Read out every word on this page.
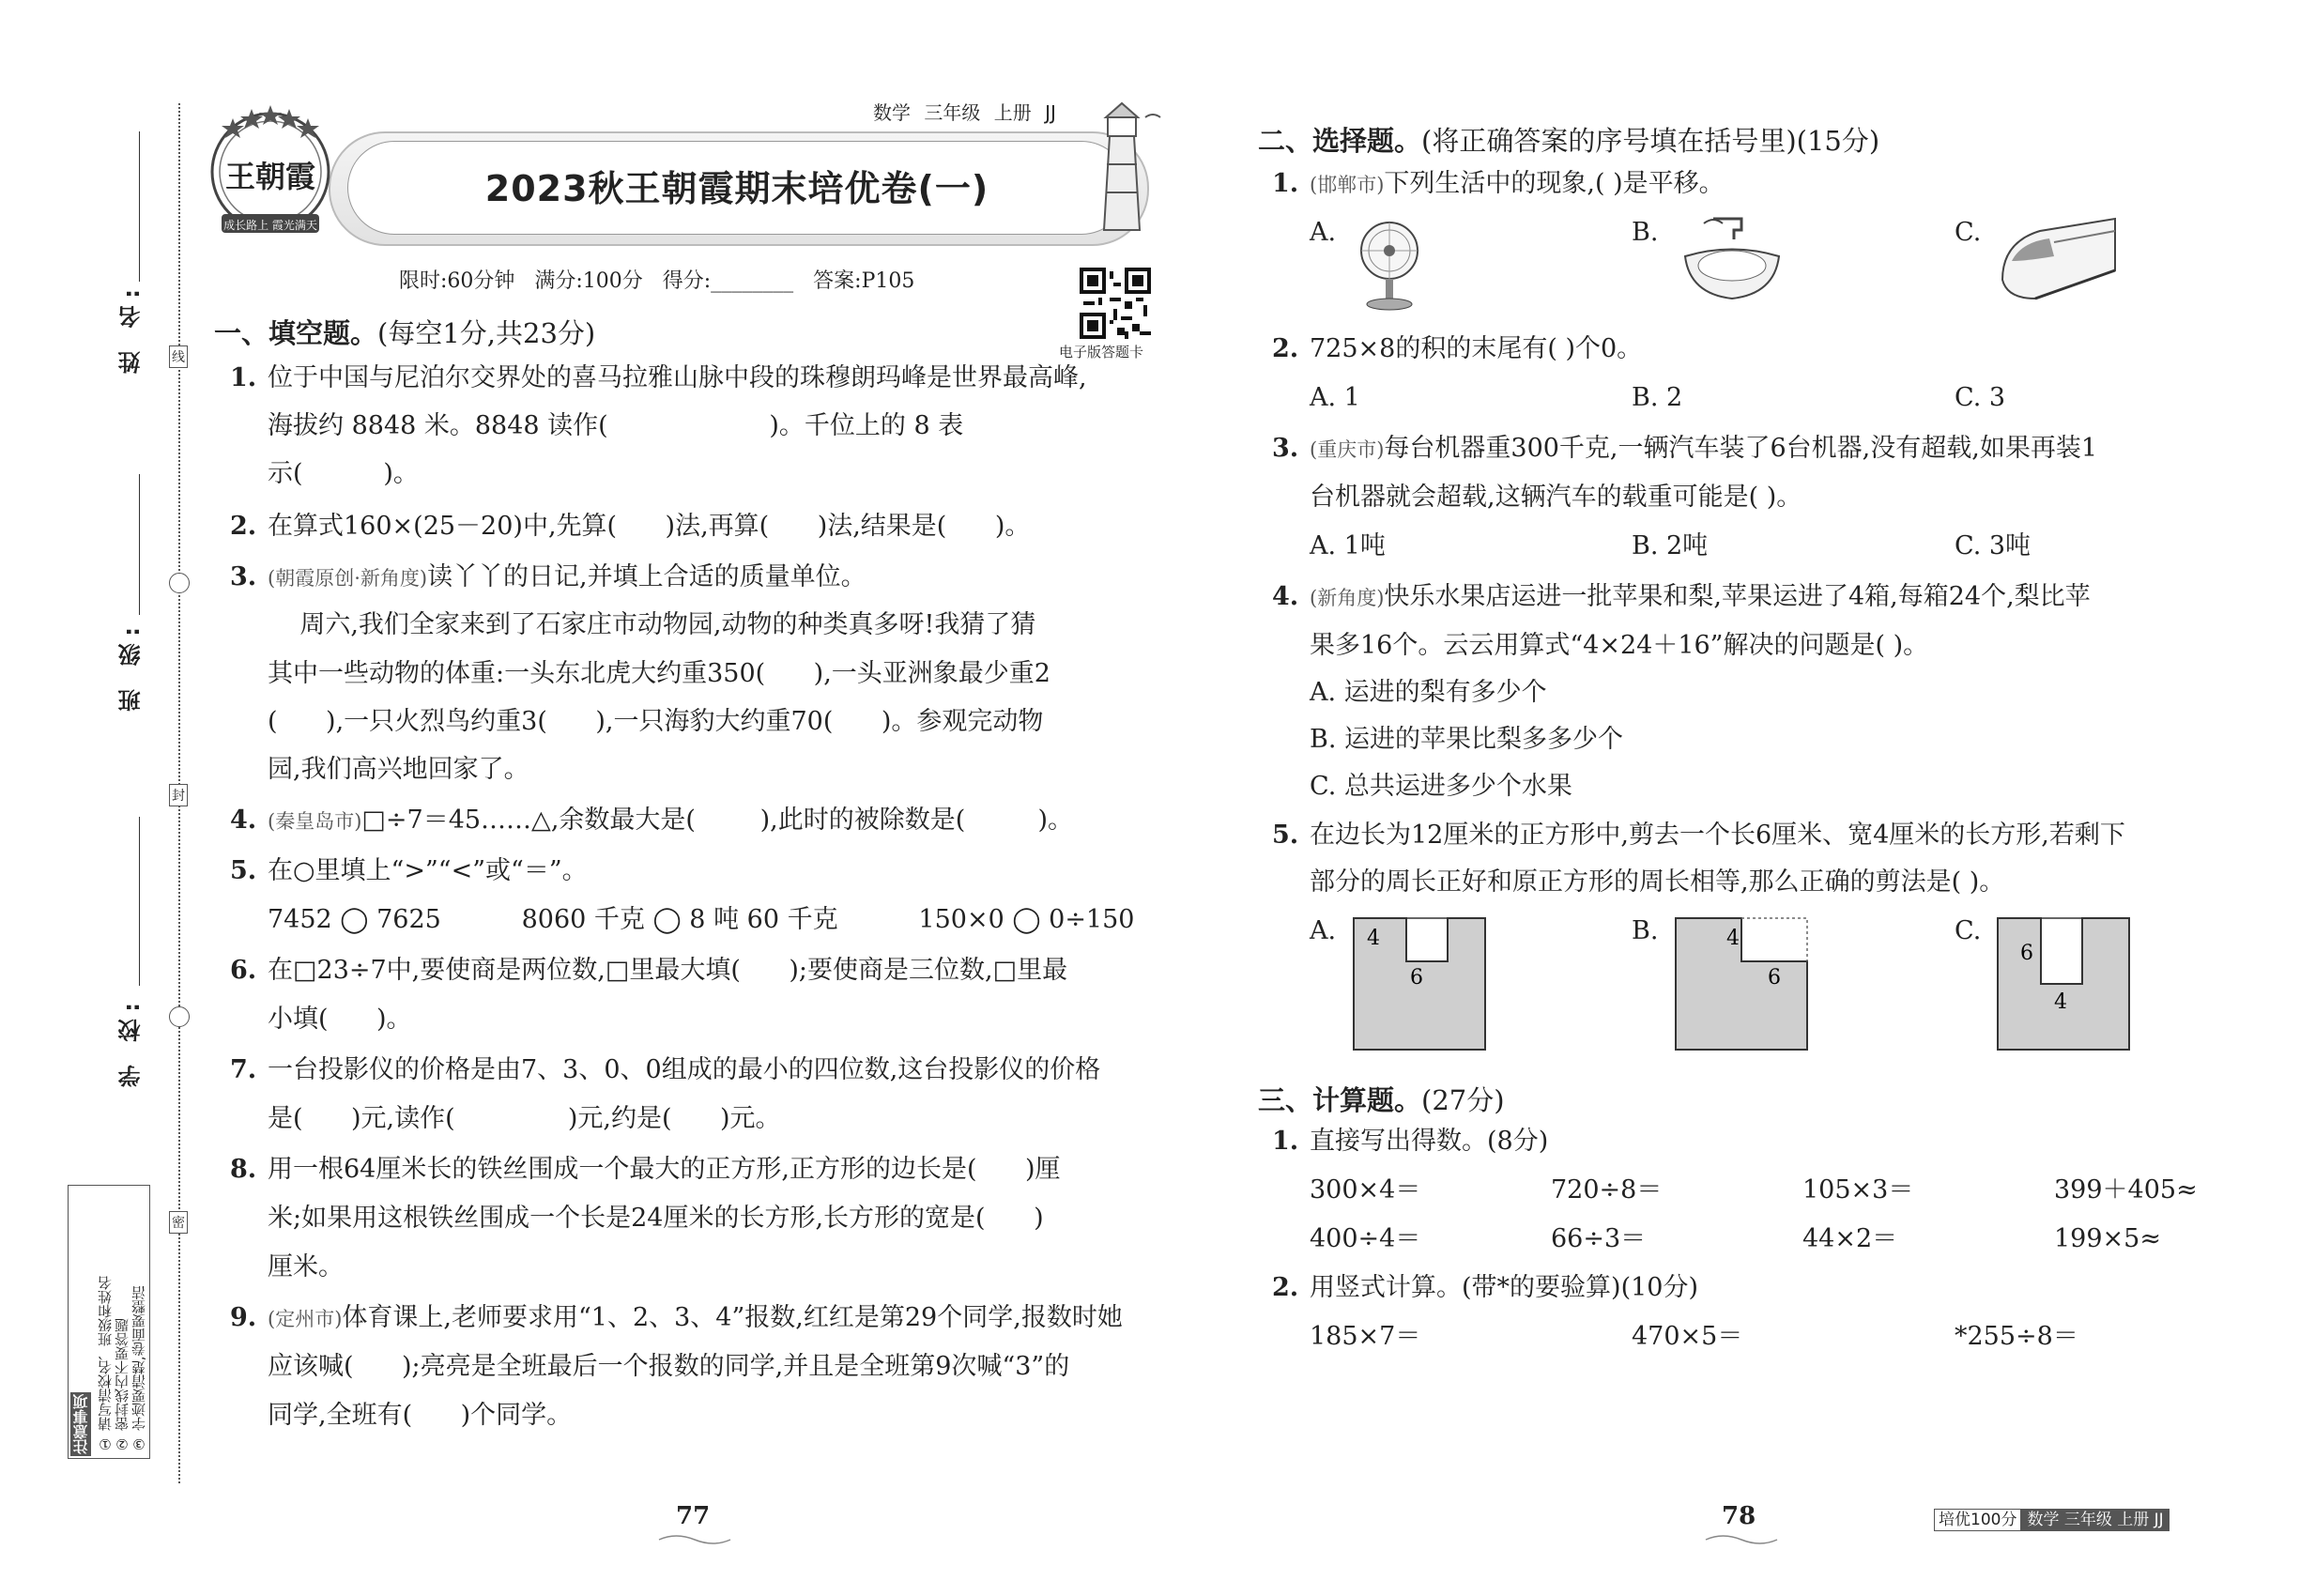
线
封
密
姓 名:
班 级:
学 校:
注意事项 ① 请写清校名、班级和姓名 ② 密封线内不要答题 ③ 字迹要清楚,卷面要整洁
2023秋王朝霞期末培优卷(一)
数学 三年级 上册 JJ
王朝霞
成长路上 霞光满天
限时:60分钟   满分:100分   得分:________   答案:P105
电子版答题卡
一、填空题。(每空1分,共23分)
1. 位于中国与尼泊尔交界处的喜马拉雅山脉中段的珠穆朗玛峰是世界最高峰,
海拔约 8848 米。8848 读作(                    )。千位上的 8 表
示(          )。
2. 在算式160×(25－20)中,先算(      )法,再算(      )法,结果是(      )。
3. (朝霞原创·新角度)读丫丫的日记,并填上合适的质量单位。
周六,我们全家来到了石家庄市动物园,动物的种类真多呀!我猜了猜
其中一些动物的体重:一头东北虎大约重350(      ),一头亚洲象最少重2
(      ),一只火烈鸟约重3(      ),一只海豹大约重70(      )。参观完动物
园,我们高兴地回家了。
4. (秦皇岛市)□÷7＝45……△,余数最大是(        ),此时的被除数是(         )。
5. 在○里填上“>”“<”或“＝”。
7452 ◯ 7625          8060 千克 ◯ 8 吨 60 千克          150×0 ◯ 0÷150
6. 在□23÷7中,要使商是两位数,□里最大填(      );要使商是三位数,□里最
小填(      )。
7. 一台投影仪的价格是由7、3、0、0组成的最小的四位数,这台投影仪的价格
是(      )元,读作(              )元,约是(      )元。
8. 用一根64厘米长的铁丝围成一个最大的正方形,正方形的边长是(      )厘
米;如果用这根铁丝围成一个长是24厘米的长方形,长方形的宽是(      )
厘米。
9. (定州市)体育课上,老师要求用“1、2、3、4”报数,红红是第29个同学,报数时她
应该喊(      );亮亮是全班最后一个报数的同学,并且是全班第9次喊“3”的
同学,全班有(      )个同学。
二、选择题。(将正确答案的序号填在括号里)(15分)
1. (邯郸市)下列生活中的现象,( )是平移。
A.	B.	C.
2. 725×8的积的末尾有( )个0。
A. 1	B. 2	C. 3
3. (重庆市)每台机器重300千克,一辆汽车装了6台机器,没有超载,如果再装1
台机器就会超载,这辆汽车的载重可能是( )。
A. 1吨	B. 2吨	C. 3吨
4. (新角度)快乐水果店运进一批苹果和梨,苹果运进了4箱,每箱24个,梨比苹
果多16个。云云用算式“4×24＋16”解决的问题是( )。
A. 运进的梨有多少个
B. 运进的苹果比梨多多少个
C. 总共运进多少个水果
5. 在边长为12厘米的正方形中,剪去一个长6厘米、宽4厘米的长方形,若剩下
部分的周长正好和原正方形的周长相等,那么正确的剪法是( )。
A.	B.	C.
4
6
4
6
6
4
三、计算题。(27分)
1. 直接写出得数。(8分)
300×4＝	720÷8＝	105×3＝	399＋405≈
400÷4＝	66÷3＝	44×2＝	199×5≈
2. 用竖式计算。(带*的要验算)(10分)
185×7＝	470×5＝	*255÷8＝
77	78	培优100分 数学 三年级 上册 JJ
